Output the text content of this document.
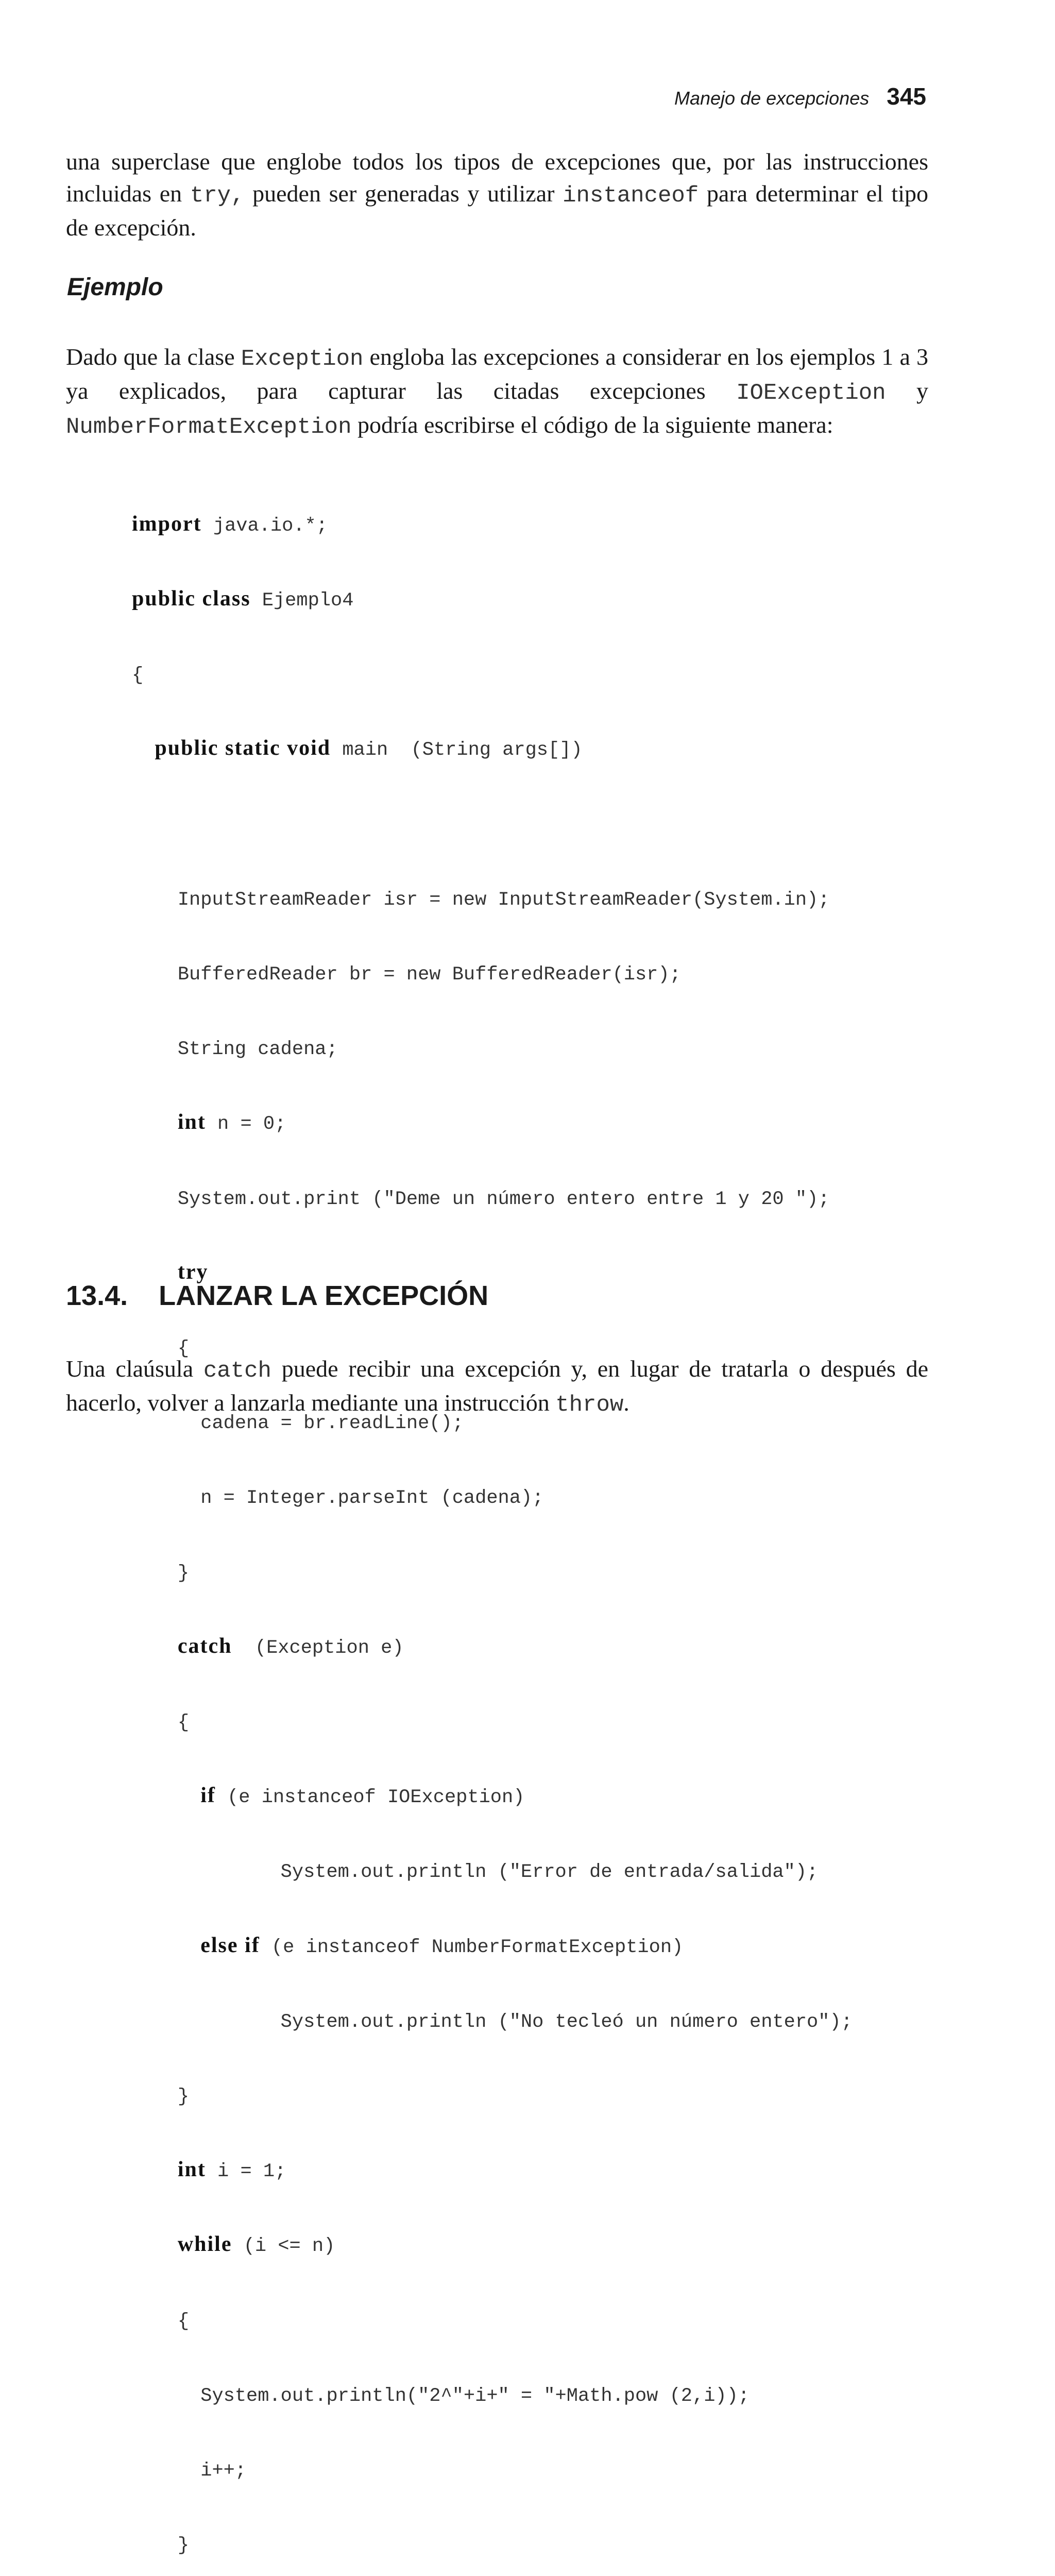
Manejo de excepciones 345

una superclase que englobe todos los tipos de excepciones que, por las instrucciones incluidas en try, pueden ser generadas y utilizar instanceof para determinar el tipo de excepción.

Ejemplo

Dado que la clase Exception engloba las excepciones a considerar en los ejemplos 1 a 3 ya explicados, para capturar las citadas excepciones IOException y NumberFormatException podría escribirse el código de la siguiente manera:

import java.io.*;

public class Ejemplo4

{

public static void main  (String args[])

InputStreamReader isr = new InputStreamReader(System.in);

BufferedReader br = new BufferedReader(isr);

String cadena;

int n = 0;

System.out.print ("Deme un número entero entre 1 y 20 ");

try

{

cadena = br.readLine();

n = Integer.parseInt (cadena);

}

catch  (Exception e)

{

if (e instanceof IOException)

System.out.println ("Error de entrada/salida");

else if (e instanceof NumberFormatException)

System.out.println ("No tecleó un número entero");

}

int i = 1;

while (i <= n)

{

System.out.println("2^"+i+" = "+Math.pow (2,i));

i++;

}

13.4. LANZAR LA EXCEPCIÓN

Una claúsula catch puede recibir una excepción y, en lugar de tratarla o después de hacerlo, volver a lanzarla mediante una instrucción throw.
